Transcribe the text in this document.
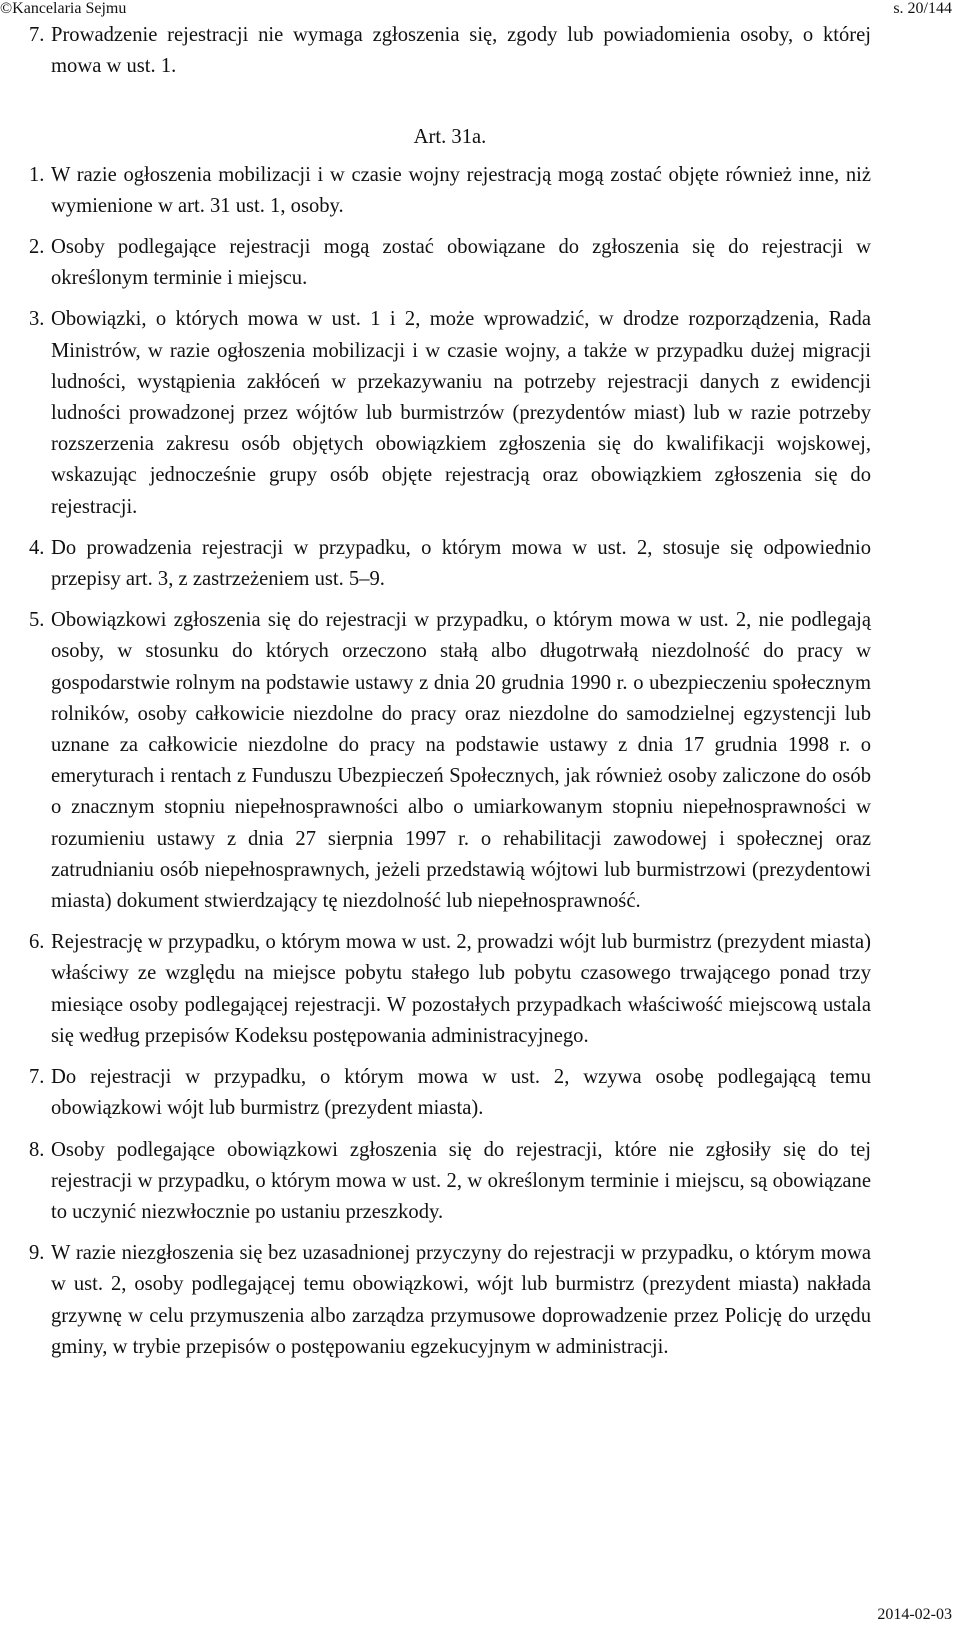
©Kancelaria Sejmu	s. 20/144

7. Prowadzenie rejestracji nie wymaga zgłoszenia się, zgody lub powiadomienia osoby, o której mowa w ust. 1.

Art. 31a.

1. W razie ogłoszenia mobilizacji i w czasie wojny rejestracją mogą zostać objęte również inne, niż wymienione w art. 31 ust. 1, osoby.

2. Osoby podlegające rejestracji mogą zostać obowiązane do zgłoszenia się do rejestracji w określonym terminie i miejscu.

3. Obowiązki, o których mowa w ust. 1 i 2, może wprowadzić, w drodze rozporządzenia, Rada Ministrów, w razie ogłoszenia mobilizacji i w czasie wojny, a także w przypadku dużej migracji ludności, wystąpienia zakłóceń w przekazywaniu na potrzeby rejestracji danych z ewidencji ludności prowadzonej przez wójtów lub burmistrzów (prezydentów miast) lub w razie potrzeby rozszerzenia zakresu osób objętych obowiązkiem zgłoszenia się do kwalifikacji wojskowej, wskazując jednocześnie grupy osób objęte rejestracją oraz obowiązkiem zgłoszenia się do rejestracji.

4. Do prowadzenia rejestracji w przypadku, o którym mowa w ust. 2, stosuje się odpowiednio przepisy art. 3, z zastrzeżeniem ust. 5–9.

5. Obowiązkowi zgłoszenia się do rejestracji w przypadku, o którym mowa w ust. 2, nie podlegają osoby, w stosunku do których orzeczono stałą albo długotrwałą niezdolność do pracy w gospodarstwie rolnym na podstawie ustawy z dnia 20 grudnia 1990 r. o ubezpieczeniu społecznym rolników, osoby całkowicie niezdolne do pracy oraz niezdolne do samodzielnej egzystencji lub uznane za całkowicie niezdolne do pracy na podstawie ustawy z dnia 17 grudnia 1998 r. o emeryturach i rentach z Funduszu Ubezpieczeń Społecznych, jak również osoby zaliczone do osób o znacznym stopniu niepełnosprawności albo o umiarkowanym stopniu niepełnosprawności w rozumieniu ustawy z dnia 27 sierpnia 1997 r. o rehabilitacji zawodowej i społecznej oraz zatrudnianiu osób niepełnosprawnych, jeżeli przedstawią wójtowi lub burmistrzowi (prezydentowi miasta) dokument stwierdzający tę niezdolność lub niepełnosprawność.

6. Rejestrację w przypadku, o którym mowa w ust. 2, prowadzi wójt lub burmistrz (prezydent miasta) właściwy ze względu na miejsce pobytu stałego lub pobytu czasowego trwającego ponad trzy miesiące osoby podlegającej rejestracji. W pozostałych przypadkach właściwość miejscową ustala się według przepisów Kodeksu postępowania administracyjnego.

7. Do rejestracji w przypadku, o którym mowa w ust. 2, wzywa osobę podlegającą temu obowiązkowi wójt lub burmistrz (prezydent miasta).

8. Osoby podlegające obowiązkowi zgłoszenia się do rejestracji, które nie zgłosiły się do tej rejestracji w przypadku, o którym mowa w ust. 2, w określonym terminie i miejscu, są obowiązane to uczynić niezwłocznie po ustaniu przeszkody.

9. W razie niezgłoszenia się bez uzasadnionej przyczyny do rejestracji w przypadku, o którym mowa w ust. 2, osoby podlegającej temu obowiązkowi, wójt lub burmistrz (prezydent miasta) nakłada grzywnę w celu przymuszenia albo zarządza przymusowe doprowadzenie przez Policję do urzędu gminy, w trybie przepisów o postępowaniu egzekucyjnym w administracji.

2014-02-03
